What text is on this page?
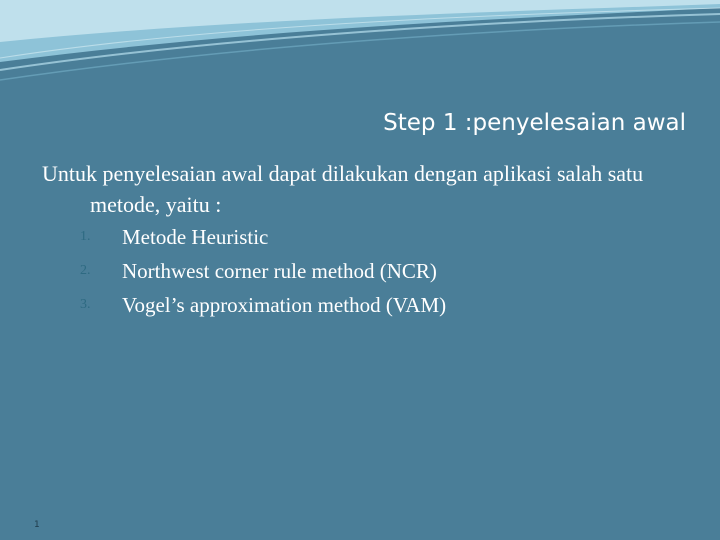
Step 1 :penyelesaian awal

Untuk penyelesaian awal dapat dilakukan dengan aplikasi salah satu metode, yaitu :

1. Metode Heuristic
2. Northwest corner rule method (NCR)
3. Vogel’s approximation method (VAM)
1
